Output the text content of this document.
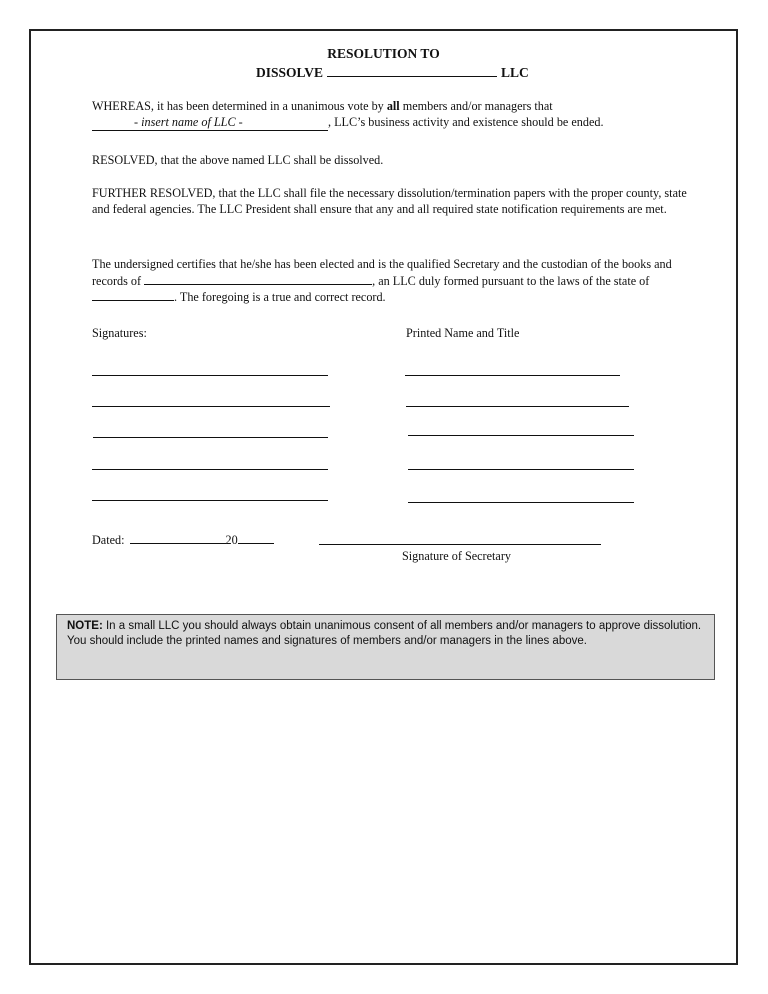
RESOLUTION TO
DISSOLVE	LLC
WHEREAS, it has been determined in a unanimous vote by all members and/or managers that
- insert name of LLC -	, LLC’s business activity and existence should be ended.
RESOLVED, that the above named LLC shall be dissolved.
FURTHER RESOLVED, that the LLC shall file the necessary dissolution/termination papers with the proper county, state and federal agencies. The LLC President shall ensure that any and all required state notification requirements are met.
The undersigned certifies that he/she has been elected and is the qualified Secretary and the custodian of the books and records of	, an LLC duly formed pursuant to the laws of the state of . The foregoing is a true and correct record.
Signatures:	Printed Name and Title
Dated:	20
Signature of Secretary
NOTE: In a small LLC you should always obtain unanimous consent of all members and/or managers to approve dissolution. You should include the printed names and signatures of members and/or managers in the lines above.
